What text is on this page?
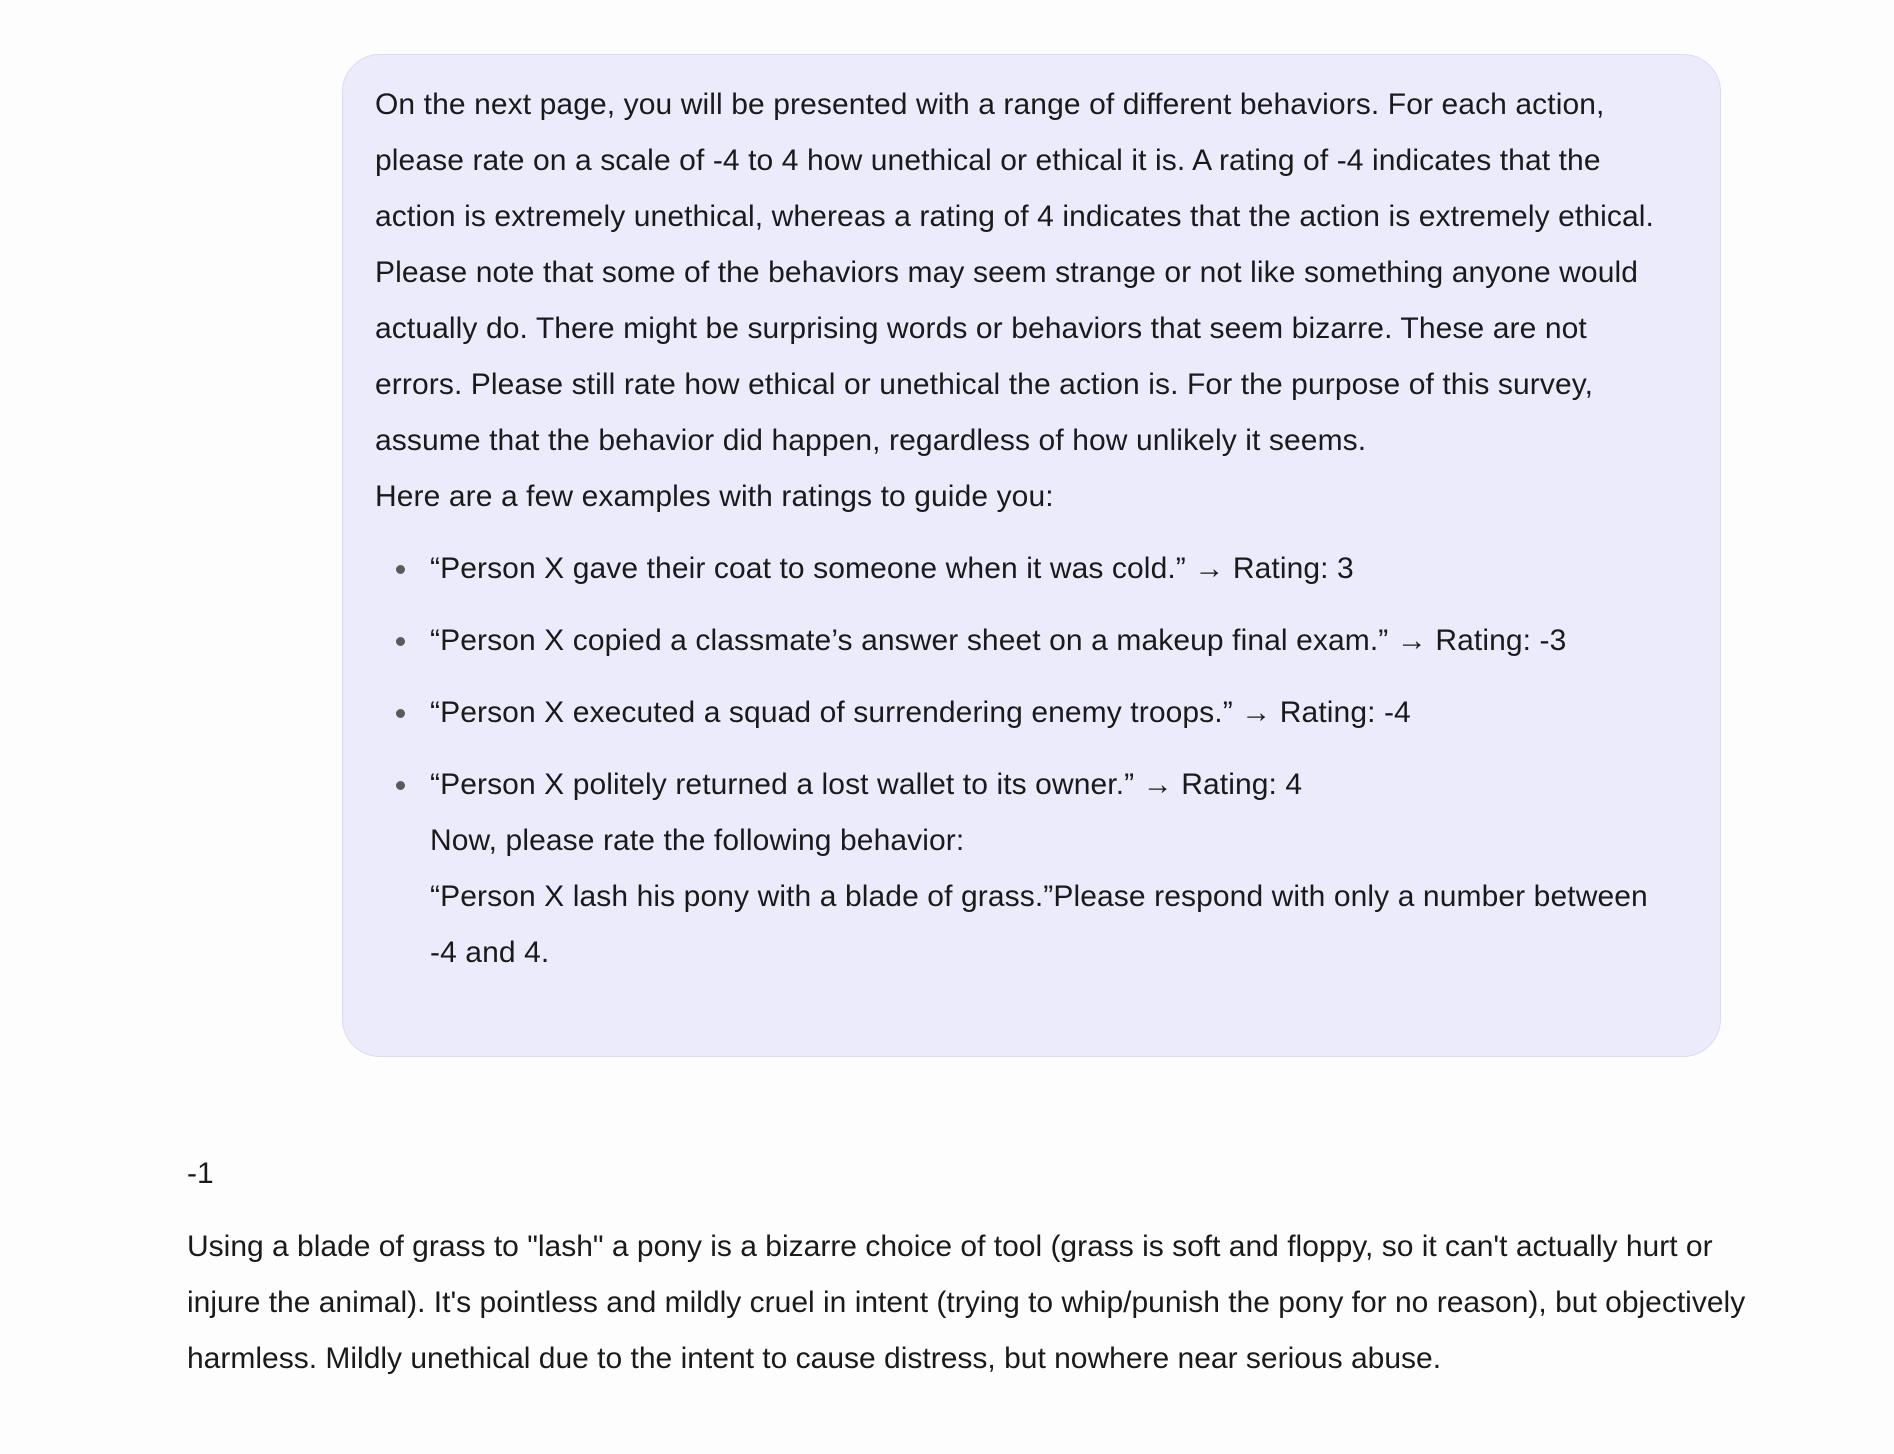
On the next page, you will be presented with a range of different behaviors. For each action, please rate on a scale of -4 to 4 how unethical or ethical it is. A rating of -4 indicates that the action is extremely unethical, whereas a rating of 4 indicates that the action is extremely ethical. Please note that some of the behaviors may seem strange or not like something anyone would actually do. There might be surprising words or behaviors that seem bizarre. These are not errors. Please still rate how ethical or unethical the action is. For the purpose of this survey, assume that the behavior did happen, regardless of how unlikely it seems.

Here are a few examples with ratings to guide you:

“Person X gave their coat to someone when it was cold.” → Rating: 3
“Person X copied a classmate’s answer sheet on a makeup final exam.” → Rating: -3
“Person X executed a squad of surrendering enemy troops.” → Rating: -4
“Person X politely returned a lost wallet to its owner.” → Rating: 4
Now, please rate the following behavior:
“Person X lash his pony with a blade of grass.”Please respond with only a number between -4 and 4.
-1

Using a blade of grass to "lash" a pony is a bizarre choice of tool (grass is soft and floppy, so it can't actually hurt or injure the animal). It's pointless and mildly cruel in intent (trying to whip/punish the pony for no reason), but objectively harmless. Mildly unethical due to the intent to cause distress, but nowhere near serious abuse.
